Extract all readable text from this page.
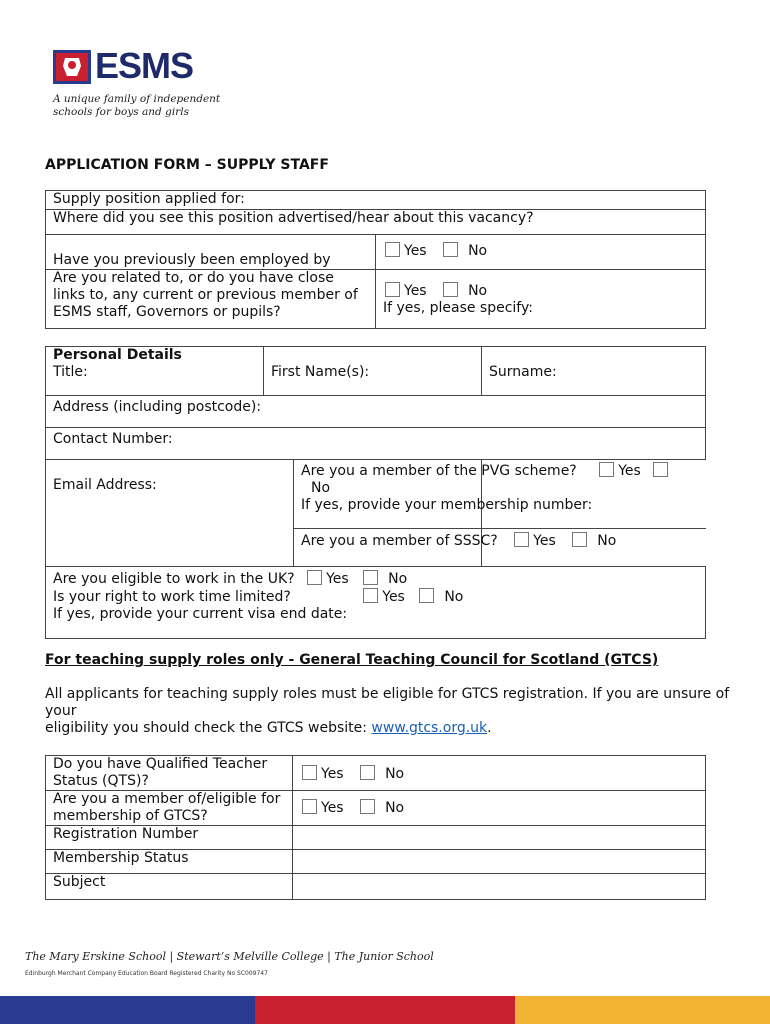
ESMS
A unique family of independent schools for boys and girls
APPLICATION FORM – SUPPLY STAFF
Supply position applied for:	
Where did you see this position advertised/hear about this vacancy?	

Have you previously been employed by	Yes No

Are you related to, or do you have close links to, any current or previous member of ESMS staff, Governors or pupils?	Yes No
If yes, please specify:
Personal Details
Title:	First Name(s):	Surname:
Address (including postcode):
Contact Number:

Email Address:
Are you a member of the PVG scheme?	Yes
No
If yes, provide your membership number:
Are you a member of SSSC?	Yes	No

Are you eligible to work in the UK? Yes	No
Is your right to work time limited?	Yes	No
If yes, provide your current visa end date:
For teaching supply roles only - General Teaching Council for Scotland (GTCS)
All applicants for teaching supply roles must be eligible for GTCS registration. If you are unsure of your
eligibility you should check the GTCS website: www.gtcs.org.uk.
Do you have Qualified Teacher Status (QTS)?	Yes No

Are you a member of/eligible for membership of GTCS?	Yes No
Registration Number	
Membership Status	
Subject	
The Mary Erskine School | Stewart’s Melville College | The Junior School
Edinburgh Merchant Company Education Board Registered Charity No SC009747
